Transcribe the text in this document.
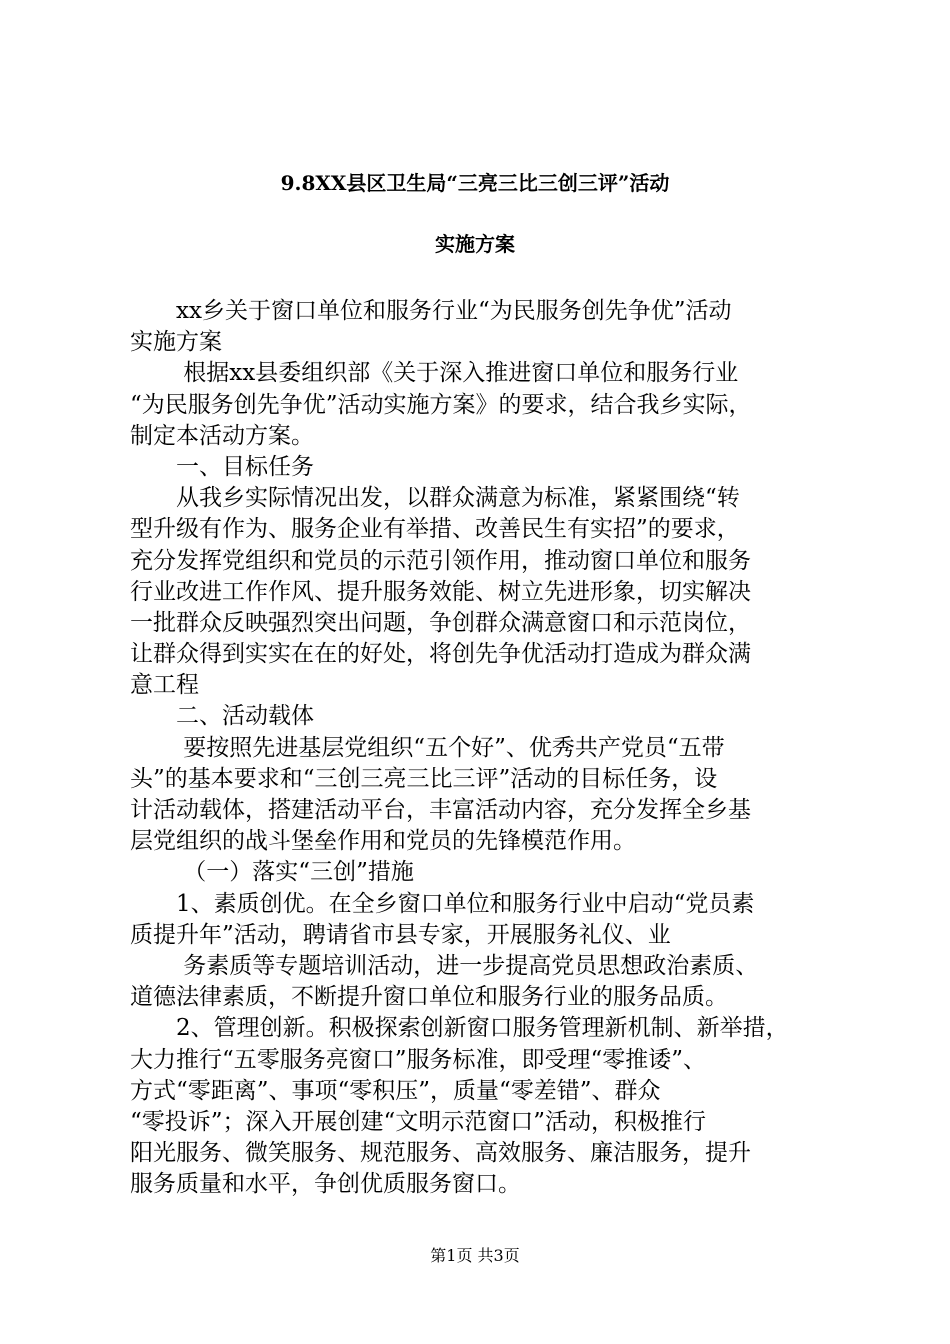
9.8XX县区卫生局“三亮三比三创三评”活动
实施方案
　　xx乡关于窗口单位和服务行业“为民服务创先争优”活动
实施方案
　　 根据xx县委组织部《关于深入推进窗口单位和服务行业
“为民服务创先争优”活动实施方案》的要求，结合我乡实际，
制定本活动方案。
　　一、目标任务
　　从我乡实际情况出发，以群众满意为标准，紧紧围绕“转
型升级有作为、服务企业有举措、改善民生有实招”的要求，
充分发挥党组织和党员的示范引领作用，推动窗口单位和服务
行业改进工作作风、提升服务效能、树立先进形象，切实解决
一批群众反映强烈突出问题，争创群众满意窗口和示范岗位，
让群众得到实实在在的好处，将创先争优活动打造成为群众满
意工程
　　二、活动载体
　　 要按照先进基层党组织“五个好”、优秀共产党员“五带
头”的基本要求和“三创三亮三比三评”活动的目标任务，设
计活动载体，搭建活动平台，丰富活动内容，充分发挥全乡基
层党组织的战斗堡垒作用和党员的先锋模范作用。
　　 （一）落实“三创”措施
　　1、素质创优。在全乡窗口单位和服务行业中启动“党员素
质提升年”活动，聘请省市县专家，开展服务礼仪、业
　　 务素质等专题培训活动，进一步提高党员思想政治素质、
道德法律素质，不断提升窗口单位和服务行业的服务品质。
　　2、管理创新。积极探索创新窗口服务管理新机制、新举措，
大力推行“五零服务亮窗口”服务标准，即受理“零推诿”、
方式“零距离”、事项“零积压”，质量“零差错”、群众
“零投诉”；深入开展创建“文明示范窗口”活动，积极推行
阳光服务、微笑服务、规范服务、高效服务、廉洁服务，提升
服务质量和水平，争创优质服务窗口。
第1页 共3页
